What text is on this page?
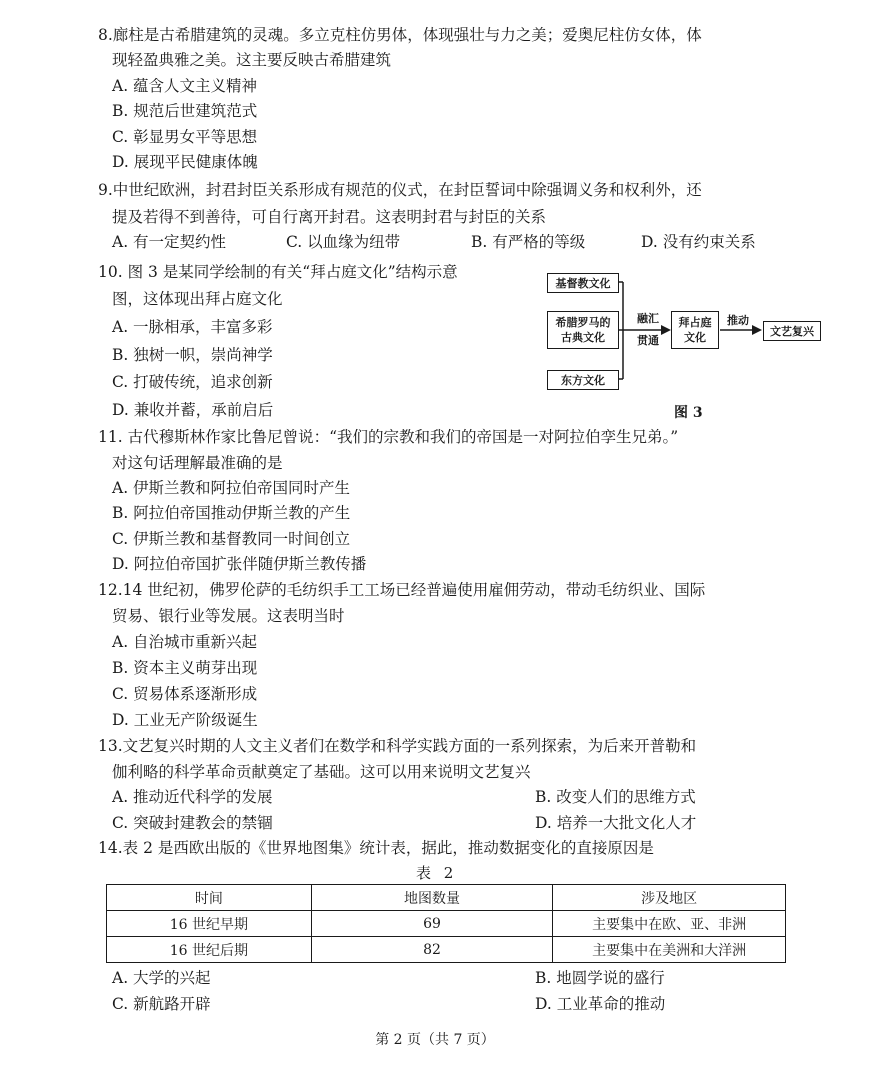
8.廊柱是古希腊建筑的灵魂。多立克柱仿男体，体现强壮与力之美；爱奥尼柱仿女体，体
现轻盈典雅之美。这主要反映古希腊建筑
A. 蕴含人文主义精神
B. 规范后世建筑范式
C. 彰显男女平等思想
D. 展现平民健康体魄
9.中世纪欧洲，封君封臣关系形成有规范的仪式，在封臣誓词中除强调义务和权利外，还
提及若得不到善待，可自行离开封君。这表明封君与封臣的关系
A. 有一定契约性	C. 以血缘为纽带	B. 有严格的等级	D. 没有约束关系
10. 图 3 是某同学绘制的有关“拜占庭文化”结构示意
图，这体现出拜占庭文化
A. 一脉相承，丰富多彩
B. 独树一帜，崇尚神学
C. 打破传统，追求创新
D. 兼收并蓄，承前启后
基督教文化
希腊罗马的
古典文化
东方文化
融汇
贯通
拜占庭
文化
推动
文艺复兴
图 3
11. 古代穆斯林作家比鲁尼曾说：“我们的宗教和我们的帝国是一对阿拉伯孪生兄弟。”
对这句话理解最准确的是
A. 伊斯兰教和阿拉伯帝国同时产生
B. 阿拉伯帝国推动伊斯兰教的产生
C. 伊斯兰教和基督教同一时间创立
D. 阿拉伯帝国扩张伴随伊斯兰教传播
12.14 世纪初，佛罗伦萨的毛纺织手工工场已经普遍使用雇佣劳动，带动毛纺织业、国际
贸易、银行业等发展。这表明当时
A. 自治城市重新兴起
B. 资本主义萌芽出现
C. 贸易体系逐渐形成
D. 工业无产阶级诞生
13.文艺复兴时期的人文主义者们在数学和科学实践方面的一系列探索，为后来开普勒和
伽利略的科学革命贡献奠定了基础。这可以用来说明文艺复兴
A. 推动近代科学的发展	B. 改变人们的思维方式
C. 突破封建教会的禁锢	D. 培养一大批文化人才
14.表 2 是西欧出版的《世界地图集》统计表，据此，推动数据变化的直接原因是
表 2
时间	地图数量	涉及地区
16 世纪早期	69	主要集中在欧、亚、非洲
16 世纪后期	82	主要集中在美洲和大洋洲
A. 大学的兴起	B. 地圆学说的盛行
C. 新航路开辟	D. 工业革命的推动
第 2 页（共 7 页）
